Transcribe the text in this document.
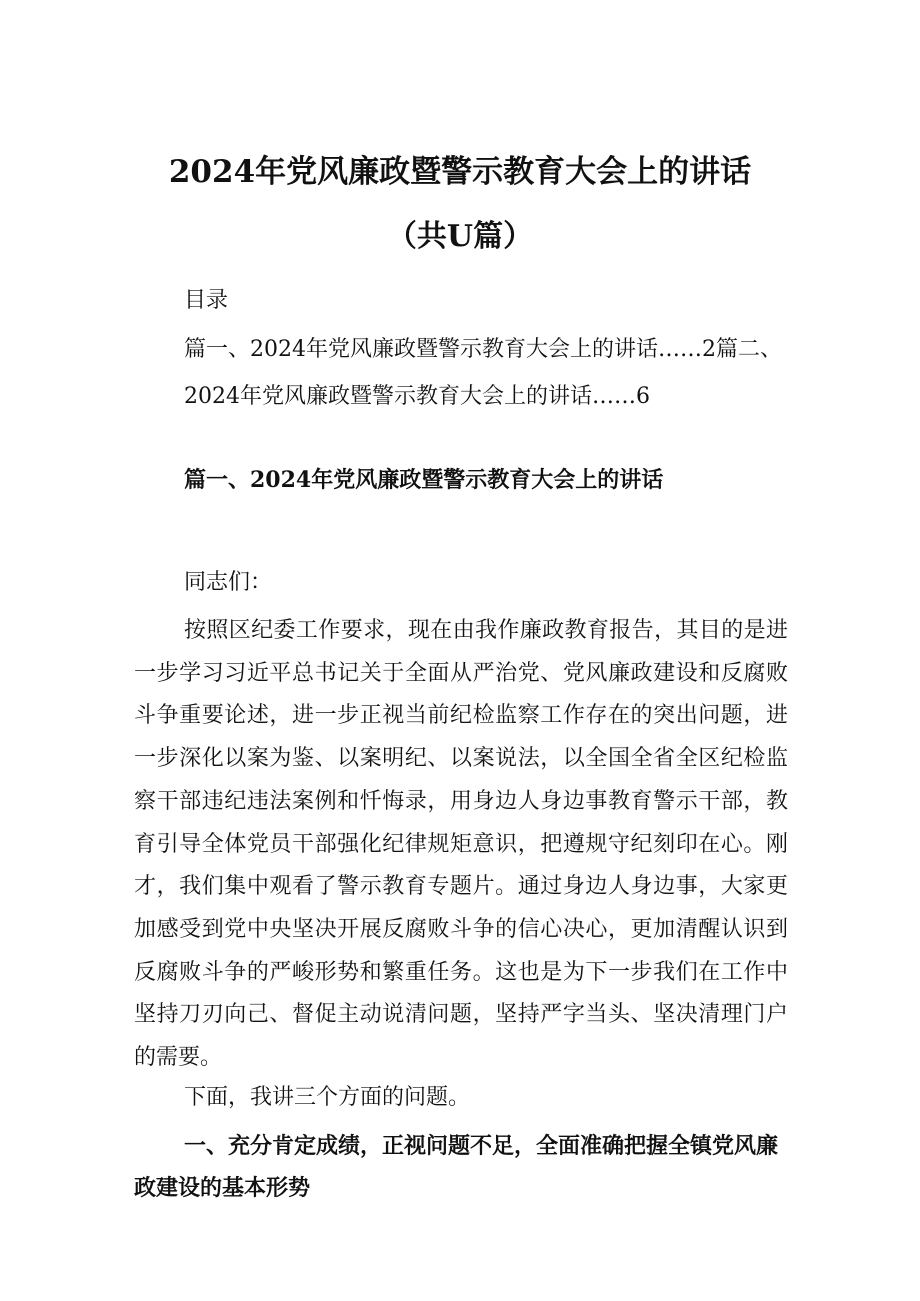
2024年党风廉政暨警示教育大会上的讲话
（共U篇）
目录
篇一、2024年党风廉政暨警示教育大会上的讲话……2篇二、
2024年党风廉政暨警示教育大会上的讲话……6
篇一、2024年党风廉政暨警示教育大会上的讲话
同志们：

按照区纪委工作要求，现在由我作廉政教育报告，其目的是进一步学习习近平总书记关于全面从严治党、党风廉政建设和反腐败斗争重要论述，进一步正视当前纪检监察工作存在的突出问题，进一步深化以案为鉴、以案明纪、以案说法，以全国全省全区纪检监察干部违纪违法案例和忏悔录，用身边人身边事教育警示干部，教育引导全体党员干部强化纪律规矩意识，把遵规守纪刻印在心。刚才，我们集中观看了警示教育专题片。通过身边人身边事，大家更加感受到党中央坚决开展反腐败斗争的信心决心，更加清醒认识到反腐败斗争的严峻形势和繁重任务。这也是为下一步我们在工作中坚持刀刃向己、督促主动说清问题，坚持严字当头、坚决清理门户的需要。

下面，我讲三个方面的问题。

一、充分肯定成绩，正视问题不足，全面准确把握全镇党风廉政建设的基本形势
